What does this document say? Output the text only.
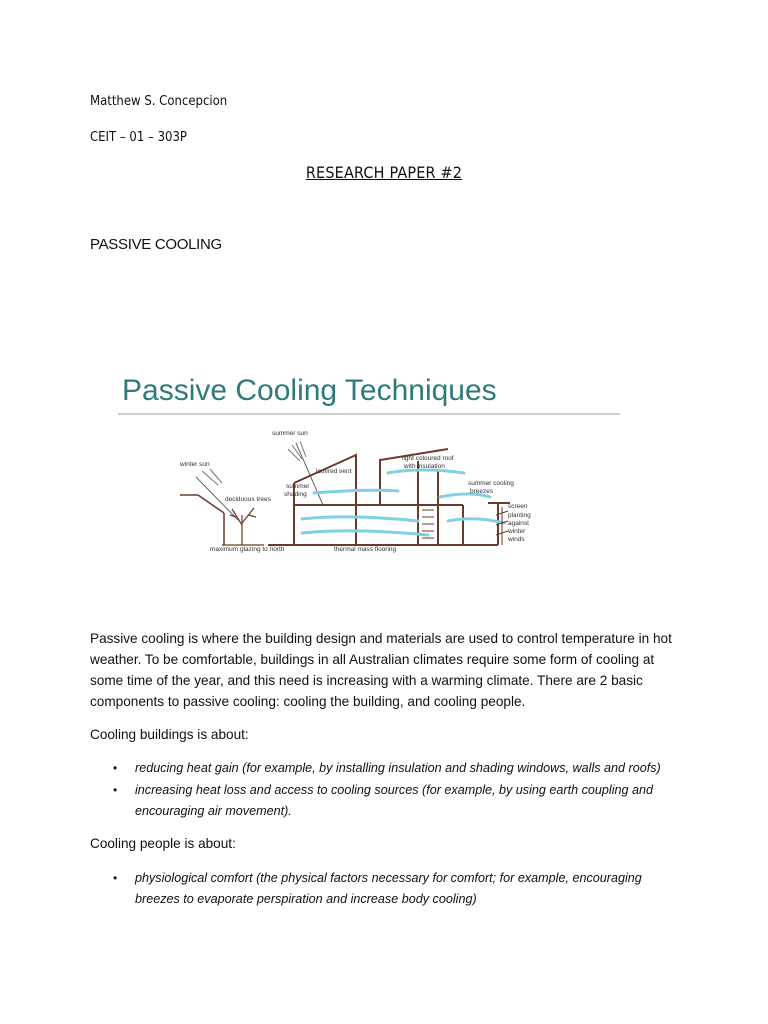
Matthew S. Concepcion
CEIT – 01 – 303P
RESEARCH PAPER #2
PASSIVE COOLING
Passive Cooling Techniques
summer sun
winter sun
louvred vent
light coloured roof
with insulation
summer
shading
deciduous trees
summer cooling
breezes
screen
planting
against
winter
winds
maximum glazing to north	thermal mass flooring
Passive cooling is where the building design and materials are used to control temperature in hot weather. To be comfortable, buildings in all Australian climates require some form of cooling at some time of the year, and this need is increasing with a warming climate. There are 2 basic components to passive cooling: cooling the building, and cooling people.
Cooling buildings is about:
• reducing heat gain (for example, by installing insulation and shading windows, walls and roofs)
• increasing heat loss and access to cooling sources (for example, by using earth coupling and encouraging air movement).
Cooling people is about:
• physiological comfort (the physical factors necessary for comfort; for example, encouraging breezes to evaporate perspiration and increase body cooling)
